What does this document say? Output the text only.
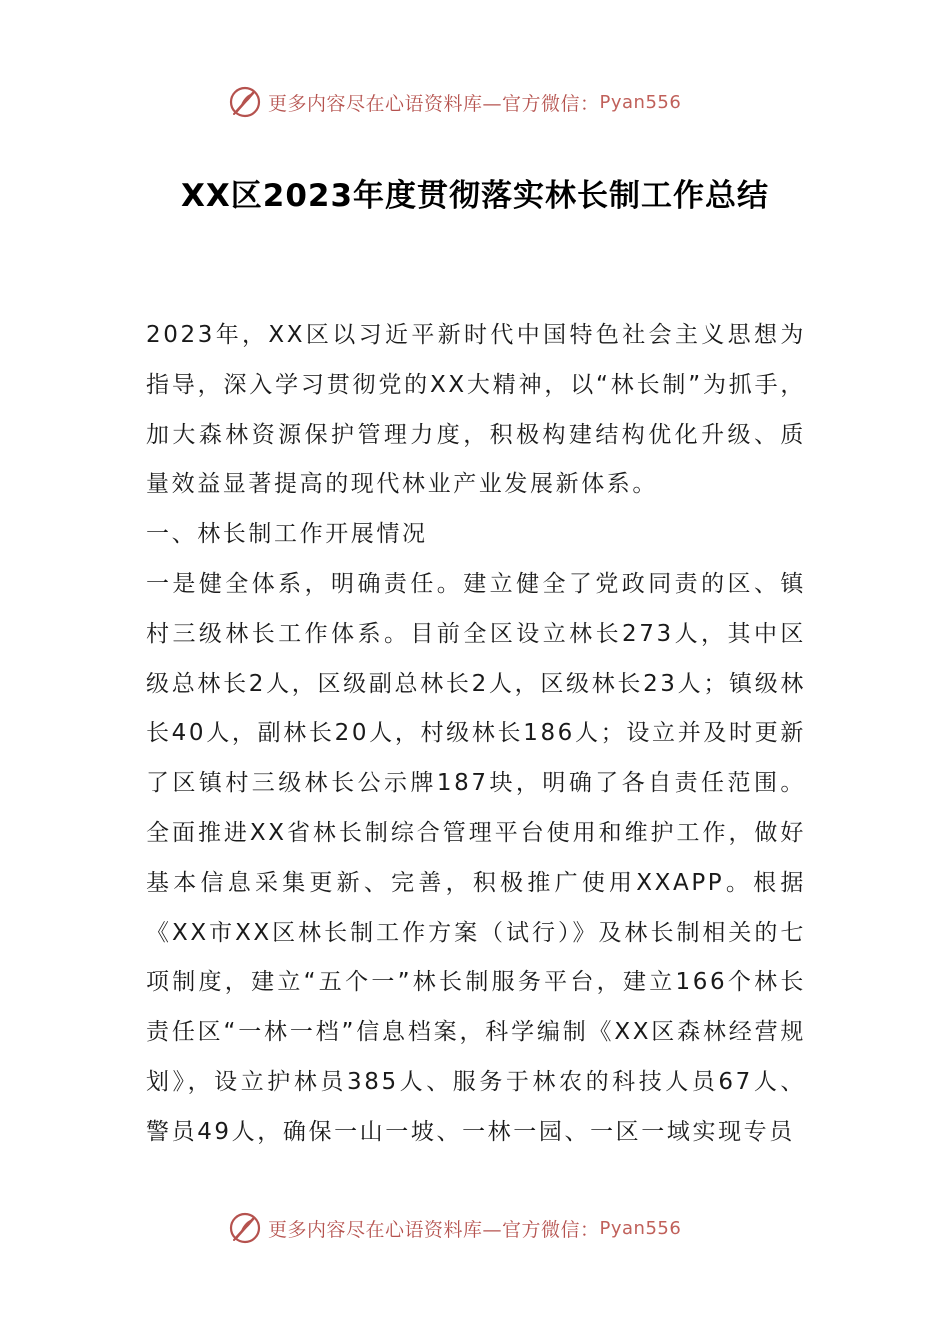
更多内容尽在心语资料库—官方微信： Pyan556
XX区2023年度贯彻落实林长制工作总结

2023年，XX区以习近平新时代中国特色社会主义思想为指导，深入学习贯彻党的XX大精神，以“林长制”为抓手，加大森林资源保护管理力度，积极构建结构优化升级、质量效益显著提高的现代林业产业发展新体系。

一、林长制工作开展情况

一是健全体系，明确责任。建立健全了党政同责的区、镇村三级林长工作体系。目前全区设立林长273人，其中区级总林长2人，区级副总林长2人，区级林长23人；镇级林长40人，副林长20人，村级林长186人；设立并及时更新了区镇村三级林长公示牌187块，明确了各自责任范围。全面推进XX省林长制综合管理平台使用和维护工作，做好基本信息采集更新、完善，积极推广使用XXAPP。根据《XX市XX区林长制工作方案（试行）》及林长制相关的七项制度，建立“五个一”林长制服务平台，建立166个林长责任区“一林一档”信息档案，科学编制《XX区森林经营规划》，设立护林员385人、服务于林农的科技人员67人、警员49人，确保一山一坡、一林一园、一区一域实现专员

更多内容尽在心语资料库—官方微信： Pyan556
